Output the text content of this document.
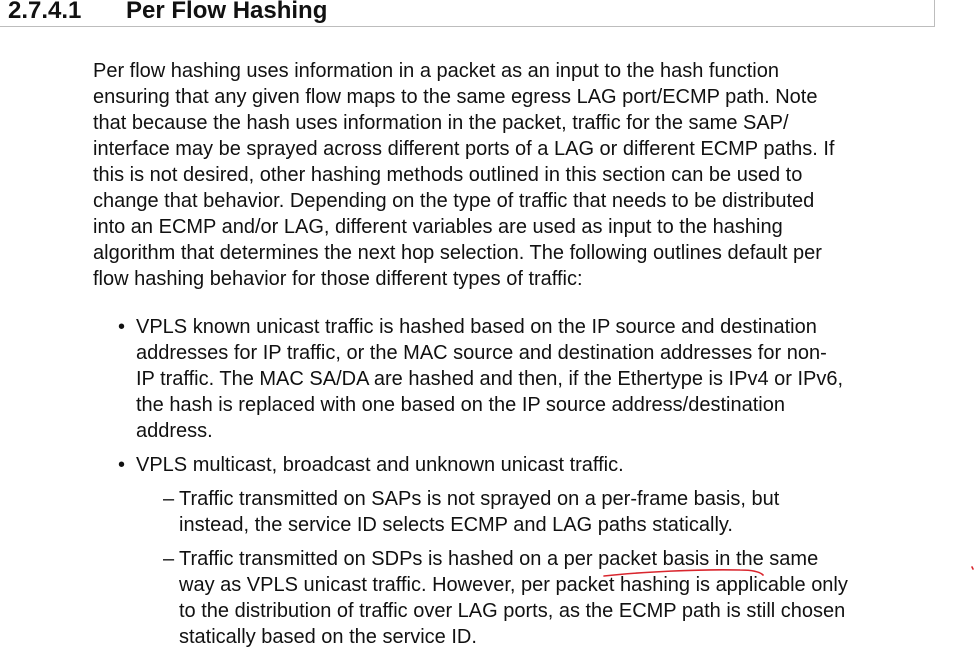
2.7.4.1 Per Flow Hashing

Per flow hashing uses information in a packet as an input to the hash function
ensuring that any given flow maps to the same egress LAG port/ECMP path. Note
that because the hash uses information in the packet, traffic for the same SAP/
interface may be sprayed across different ports of a LAG or different ECMP paths. If
this is not desired, other hashing methods outlined in this section can be used to
change that behavior. Depending on the type of traffic that needs to be distributed
into an ECMP and/or LAG, different variables are used as input to the hashing
algorithm that determines the next hop selection. The following outlines default per
flow hashing behavior for those different types of traffic:

• VPLS known unicast traffic is hashed based on the IP source and destination
addresses for IP traffic, or the MAC source and destination addresses for non-
IP traffic. The MAC SA/DA are hashed and then, if the Ethertype is IPv4 or IPv6,
the hash is replaced with one based on the IP source address/destination
address.
• VPLS multicast, broadcast and unknown unicast traffic.
– Traffic transmitted on SAPs is not sprayed on a per-frame basis, but
instead, the service ID selects ECMP and LAG paths statically.
– Traffic transmitted on SDPs is hashed on a per packet basis in the same
way as VPLS unicast traffic. However, per packet hashing is applicable only
to the distribution of traffic over LAG ports, as the ECMP path is still chosen
statically based on the service ID.
